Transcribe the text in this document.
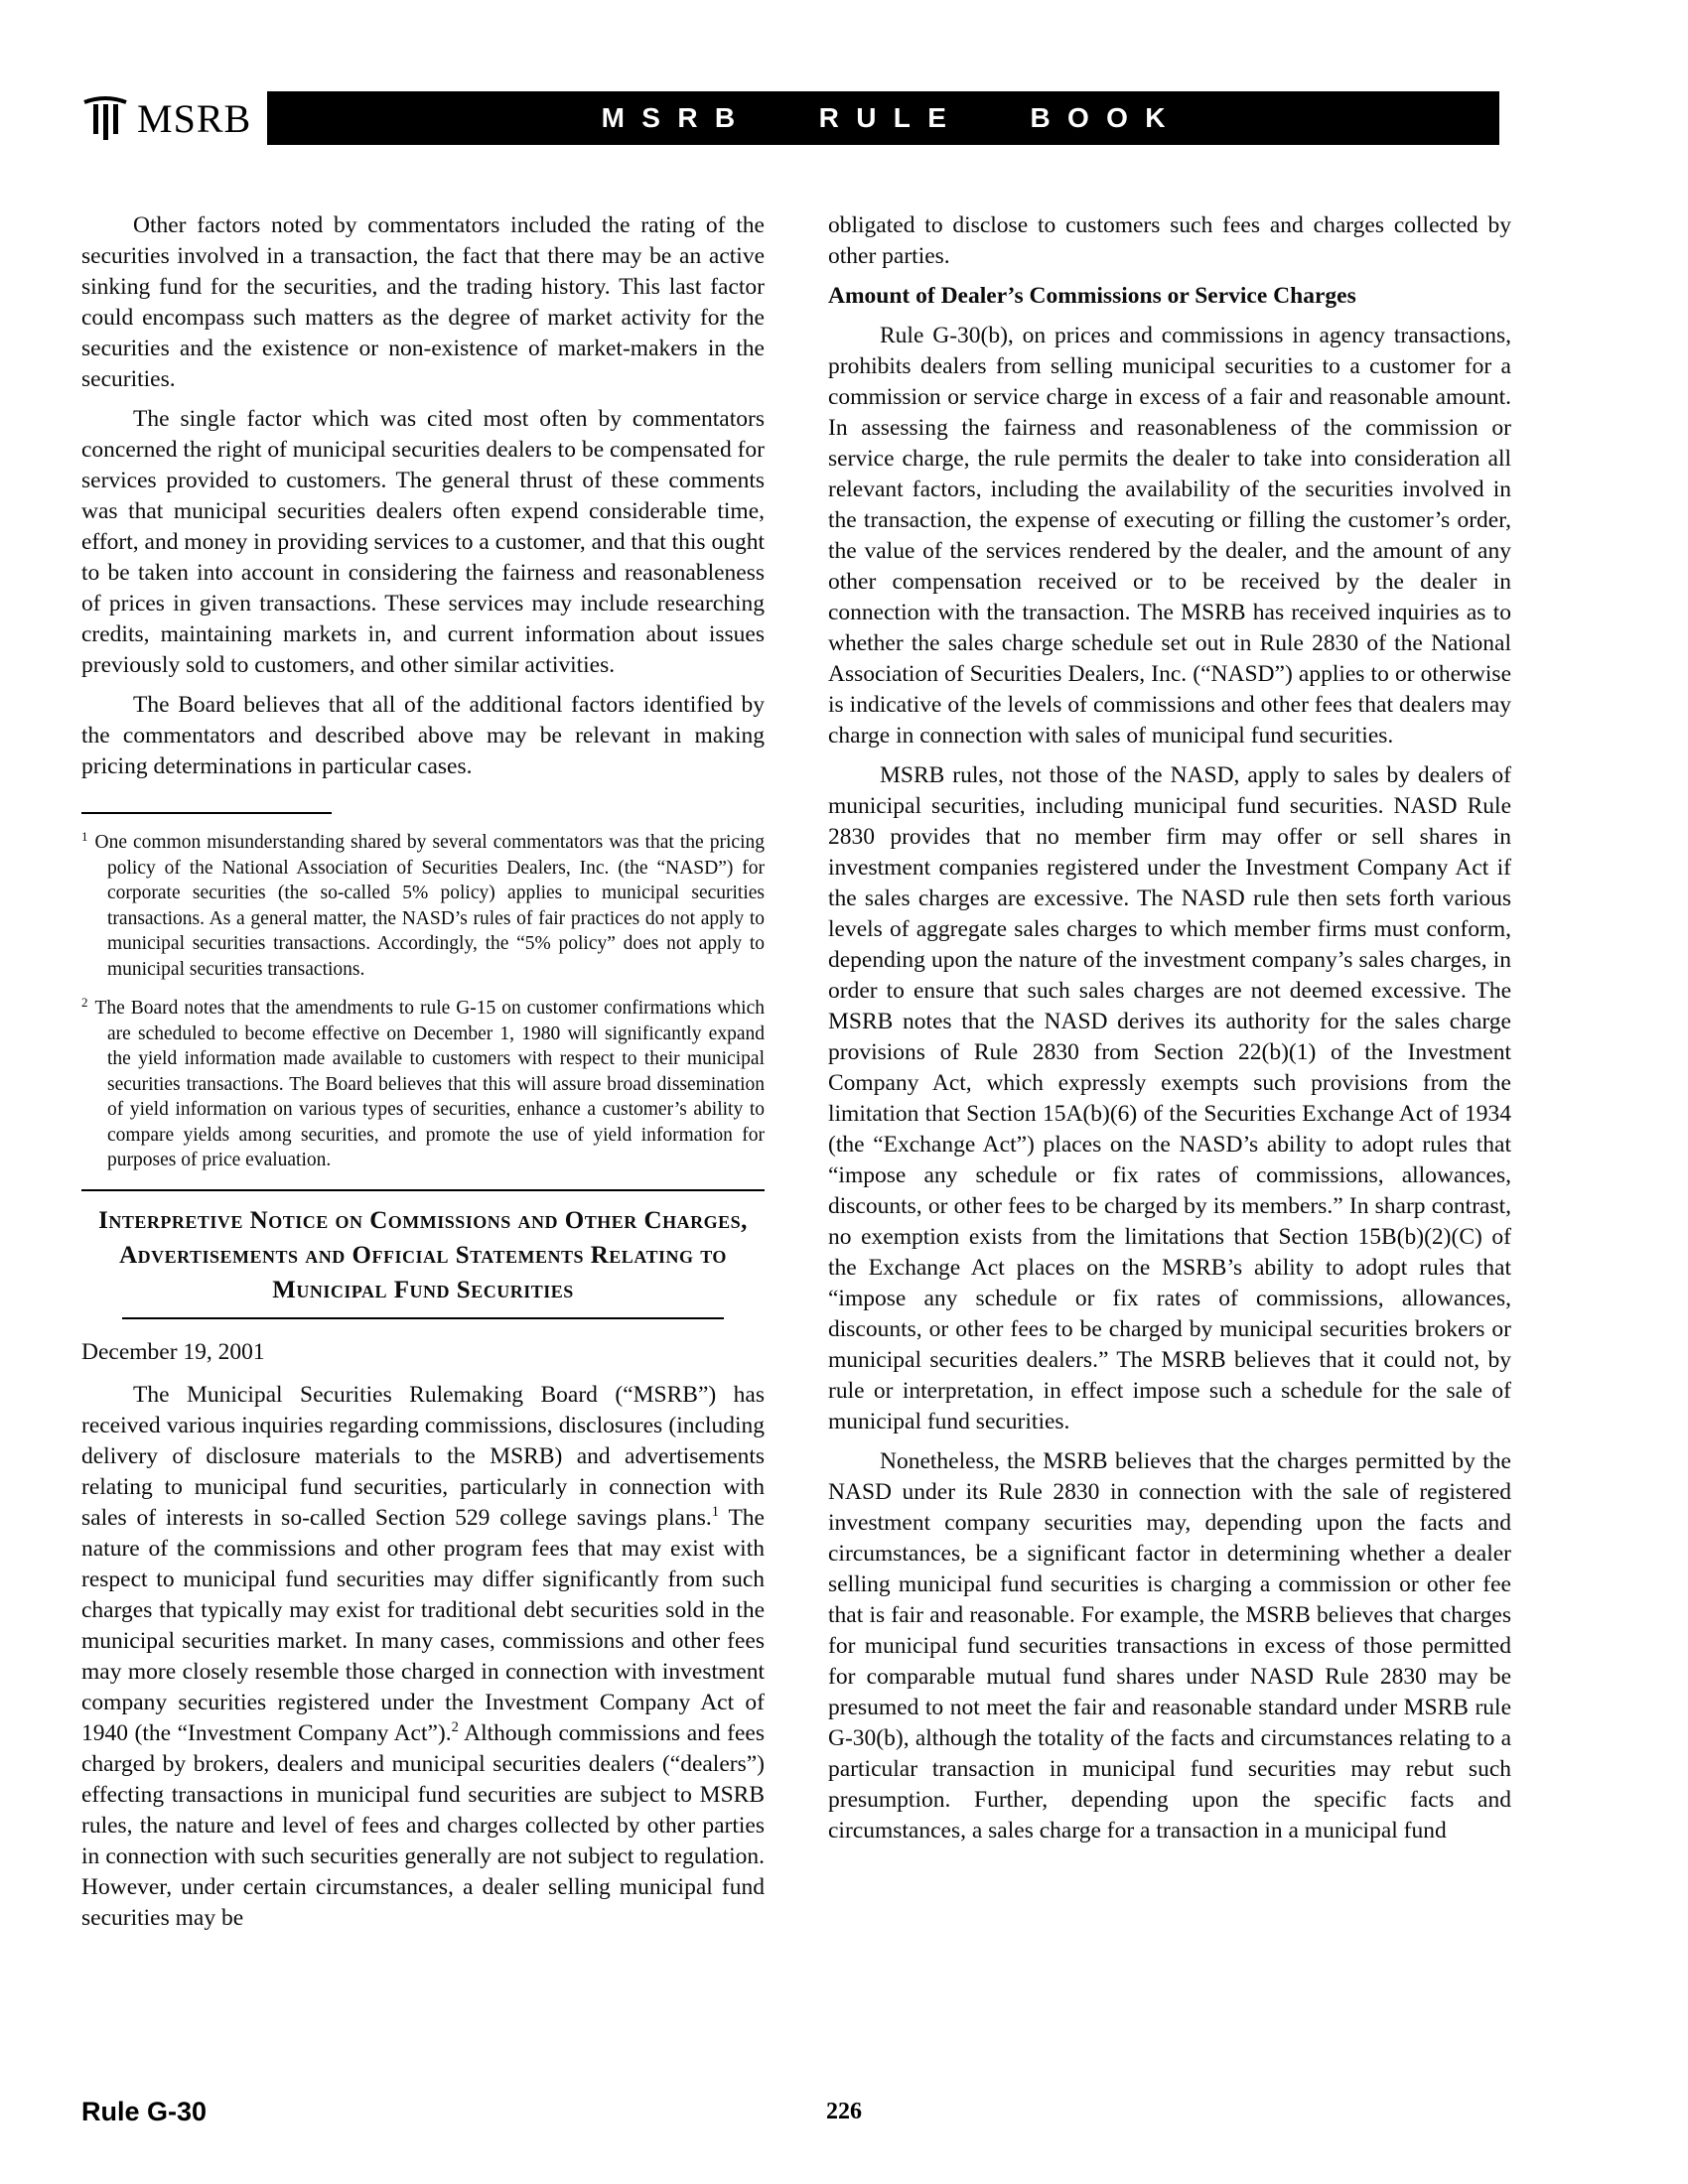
MSRB	MSRB RULE BOOK

Other factors noted by commentators included the rating of the securities involved in a transaction, the fact that there may be an active sinking fund for the securities, and the trading history. This last factor could encompass such matters as the degree of market activity for the securities and the existence or non-existence of market-makers in the securities.

The single factor which was cited most often by commentators concerned the right of municipal securities dealers to be compensated for services provided to customers. The general thrust of these comments was that municipal securities dealers often expend considerable time, effort, and money in providing services to a customer, and that this ought to be taken into account in considering the fairness and reasonableness of prices in given transactions. These services may include researching credits, maintaining markets in, and current information about issues previously sold to customers, and other similar activities.

The Board believes that all of the additional factors identified by the commentators and described above may be relevant in making pricing determinations in particular cases.

$^1$ One common misunderstanding shared by several commentators was that the pricing policy of the National Association of Securities Dealers, Inc. (the “NASD”) for corporate securities (the so-called 5% policy) applies to municipal securities transactions. As a general matter, the NASD’s rules of fair practices do not apply to municipal securities transactions. Accordingly, the “5% policy” does not apply to municipal securities transactions.
$^2$ The Board notes that the amendments to rule G-15 on customer confirmations which are scheduled to become effective on December 1, 1980 will significantly expand the yield information made available to customers with respect to their municipal securities transactions. The Board believes that this will assure broad dissemination of yield information on various types of securities, enhance a customer’s ability to compare yields among securities, and promote the use of yield information for purposes of price evaluation.
Interpretive Notice on Commissions and Other Charges, Advertisements and Official Statements Relating to Municipal Fund Securities

December 19, 2001

The Municipal Securities Rulemaking Board (“MSRB”) has received various inquiries regarding commissions, disclosures (including delivery of disclosure materials to the MSRB) and advertisements relating to municipal fund securities, particularly in connection with sales of interests in so-called Section 529 college savings plans.$^1$ The nature of the commissions and other program fees that may exist with respect to municipal fund securities may differ significantly from such charges that typically may exist for traditional debt securities sold in the municipal securities market. In many cases, commissions and other fees may more closely resemble those charged in connection with investment company securities registered under the Investment Company Act of 1940 (the “Investment Company Act”).$^2$ Although commissions and fees charged by brokers, dealers and municipal securities dealers (“dealers”) effecting transactions in municipal fund securities are subject to MSRB rules, the nature and level of fees and charges collected by other parties in connection with such securities generally are not subject to regulation. However, under certain circumstances, a dealer selling municipal fund securities may be

obligated to disclose to customers such fees and charges collected by other parties.

Amount of Dealer’s Commissions or Service Charges

Rule G-30(b), on prices and commissions in agency transactions, prohibits dealers from selling municipal securities to a customer for a commission or service charge in excess of a fair and reasonable amount. In assessing the fairness and reasonableness of the commission or service charge, the rule permits the dealer to take into consideration all relevant factors, including the availability of the securities involved in the transaction, the expense of executing or filling the customer’s order, the value of the services rendered by the dealer, and the amount of any other compensation received or to be received by the dealer in connection with the transaction. The MSRB has received inquiries as to whether the sales charge schedule set out in Rule 2830 of the National Association of Securities Dealers, Inc. (“NASD”) applies to or otherwise is indicative of the levels of commissions and other fees that dealers may charge in connection with sales of municipal fund securities.

MSRB rules, not those of the NASD, apply to sales by dealers of municipal securities, including municipal fund securities. NASD Rule 2830 provides that no member firm may offer or sell shares in investment companies registered under the Investment Company Act if the sales charges are excessive. The NASD rule then sets forth various levels of aggregate sales charges to which member firms must conform, depending upon the nature of the investment company’s sales charges, in order to ensure that such sales charges are not deemed excessive. The MSRB notes that the NASD derives its authority for the sales charge provisions of Rule 2830 from Section 22(b)(1) of the Investment Company Act, which expressly exempts such provisions from the limitation that Section 15A(b)(6) of the Securities Exchange Act of 1934 (the “Exchange Act”) places on the NASD’s ability to adopt rules that “impose any schedule or fix rates of commissions, allowances, discounts, or other fees to be charged by its members.” In sharp contrast, no exemption exists from the limitations that Section 15B(b)(2)(C) of the Exchange Act places on the MSRB’s ability to adopt rules that “impose any schedule or fix rates of commissions, allowances, discounts, or other fees to be charged by municipal securities brokers or municipal securities dealers.” The MSRB believes that it could not, by rule or interpretation, in effect impose such a schedule for the sale of municipal fund securities.

Nonetheless, the MSRB believes that the charges permitted by the NASD under its Rule 2830 in connection with the sale of registered investment company securities may, depending upon the facts and circumstances, be a significant factor in determining whether a dealer selling municipal fund securities is charging a commission or other fee that is fair and reasonable. For example, the MSRB believes that charges for municipal fund securities transactions in excess of those permitted for comparable mutual fund shares under NASD Rule 2830 may be presumed to not meet the fair and reasonable standard under MSRB rule G-30(b), although the totality of the facts and circumstances relating to a particular transaction in municipal fund securities may rebut such presumption. Further, depending upon the specific facts and circumstances, a sales charge for a transaction in a municipal fund

Rule G-30	226
